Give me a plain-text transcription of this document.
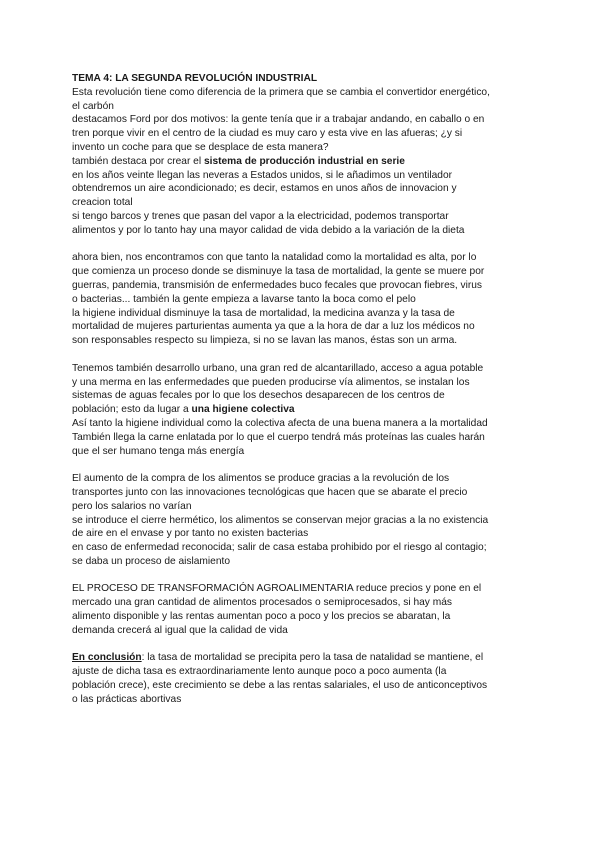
TEMA 4: LA SEGUNDA REVOLUCIÓN INDUSTRIAL
Esta revolución tiene como diferencia de la primera que se cambia el convertidor energético,
el carbón
destacamos Ford por dos motivos: la gente tenía que ir a trabajar andando, en caballo o en
tren porque vivir en el centro de la ciudad es muy caro y esta vive en las afueras; ¿y si
invento un coche para que se desplace de esta manera?
también destaca por crear el sistema de producción industrial en serie
en los años veinte llegan las neveras a Estados unidos, si le añadimos un ventilador
obtendremos un aire acondicionado; es decir, estamos en unos años de innovacion y
creacion total
si tengo barcos y trenes que pasan del vapor a la electricidad, podemos transportar
alimentos y por lo tanto hay una mayor calidad de vida debido a la variación de la dieta
ahora bien, nos encontramos con que tanto la natalidad como la mortalidad es alta, por lo
que comienza un proceso donde se disminuye la tasa de mortalidad, la gente se muere por
guerras, pandemia, transmisión de enfermedades buco fecales que provocan fiebres, virus
o bacterias... también la gente empieza a lavarse tanto la boca como el pelo
la higiene individual disminuye la tasa de mortalidad, la medicina avanza y la tasa de
mortalidad de mujeres parturientas aumenta ya que a la hora de dar a luz los médicos no
son responsables respecto su limpieza, si no se lavan las manos, éstas son un arma.
Tenemos también desarrollo urbano, una gran red de alcantarillado, acceso a agua potable
y una merma en las enfermedades que pueden producirse vía alimentos, se instalan los
sistemas de aguas fecales por lo que los desechos desaparecen de los centros de
población; esto da lugar a una higiene colectiva
Así tanto la higiene individual como la colectiva afecta de una buena manera a la mortalidad
También llega la carne enlatada por lo que el cuerpo tendrá más proteínas las cuales harán
que el ser humano tenga más energía
El aumento de la compra de los alimentos se produce gracias a la revolución de los
transportes junto con las innovaciones tecnológicas que hacen que se abarate el precio
pero los salarios no varían
se introduce el cierre hermético, los alimentos se conservan mejor gracias a la no existencia
de aire en el envase y por tanto no existen bacterias
en caso de enfermedad reconocida; salir de casa estaba prohibido por el riesgo al contagio;
se daba un proceso de aislamiento
EL PROCESO DE TRANSFORMACIÓN AGROALIMENTARIA reduce precios y pone en el
mercado una gran cantidad de alimentos procesados o semiprocesados, si hay más
alimento disponible y las rentas aumentan poco a poco y los precios se abaratan, la
demanda crecerá al igual que la calidad de vida
En conclusión: la tasa de mortalidad se precipita pero la tasa de natalidad se mantiene, el
ajuste de dicha tasa es extraordinariamente lento aunque poco a poco aumenta (la
población crece), este crecimiento se debe a las rentas salariales, el uso de anticonceptivos
o las prácticas abortivas
